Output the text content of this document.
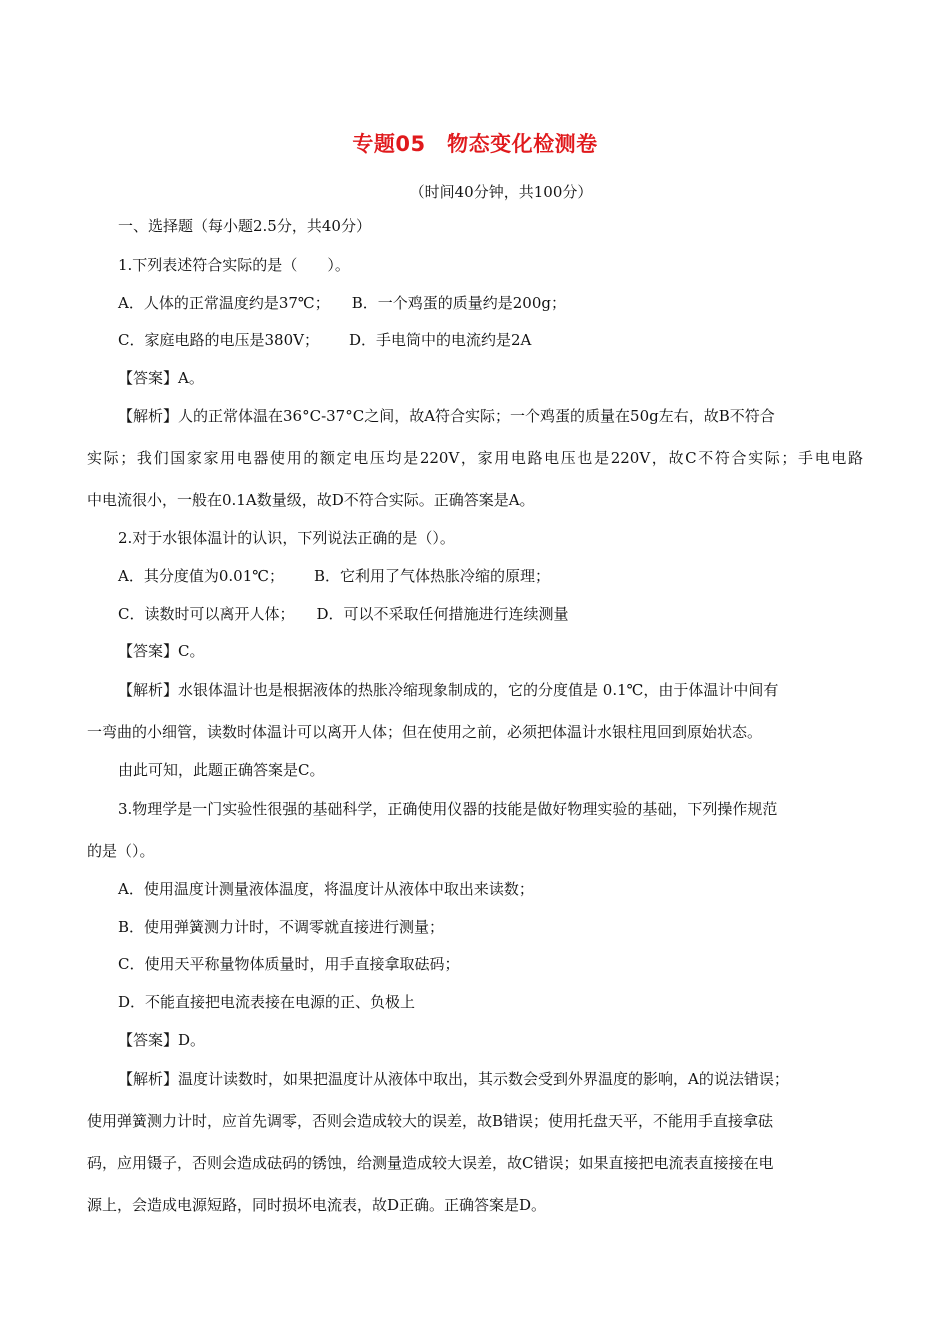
专题05　物态变化检测卷
（时间40分钟，共100分）
一、选择题（每小题2.5分，共40分）
1.下列表述符合实际的是（　　）。
A．人体的正常温度约是37℃； B．一个鸡蛋的质量约是200g；
C．家庭电路的电压是380V； D．手电筒中的电流约是2A
【答案】A。
【解析】人的正常体温在36°C-37°C之间，故A符合实际；一个鸡蛋的质量在50g左右，故B不符合
实际；我们国家家用电器使用的额定电压均是220V，家用电路电压也是220V，故C不符合实际；手电电路
中电流很小，一般在0.1A数量级，故D不符合实际。正确答案是A。
2.对于水银体温计的认识，下列说法正确的是（）。
A．其分度值为0.01℃； B．它利用了气体热胀冷缩的原理；
C．读数时可以离开人体； D．可以不采取任何措施进行连续测量
【答案】C。
【解析】水银体温计也是根据液体的热胀冷缩现象制成的，它的分度值是 0.1℃，由于体温计中间有
一弯曲的小细管，读数时体温计可以离开人体；但在使用之前，必须把体温计水银柱甩回到原始状态。
由此可知，此题正确答案是C。
3.物理学是一门实验性很强的基础科学，正确使用仪器的技能是做好物理实验的基础，下列操作规范
的是（）。
A．使用温度计测量液体温度，将温度计从液体中取出来读数；
B．使用弹簧测力计时，不调零就直接进行测量；
C．使用天平称量物体质量时，用手直接拿取砝码；
D．不能直接把电流表接在电源的正、负极上
【答案】D。
【解析】温度计读数时，如果把温度计从液体中取出，其示数会受到外界温度的影响，A的说法错误；
使用弹簧测力计时，应首先调零，否则会造成较大的误差，故B错误；使用托盘天平，不能用手直接拿砝
码，应用镊子，否则会造成砝码的锈蚀，给测量造成较大误差，故C错误；如果直接把电流表直接接在电
源上，会造成电源短路，同时损坏电流表，故D正确。正确答案是D。
